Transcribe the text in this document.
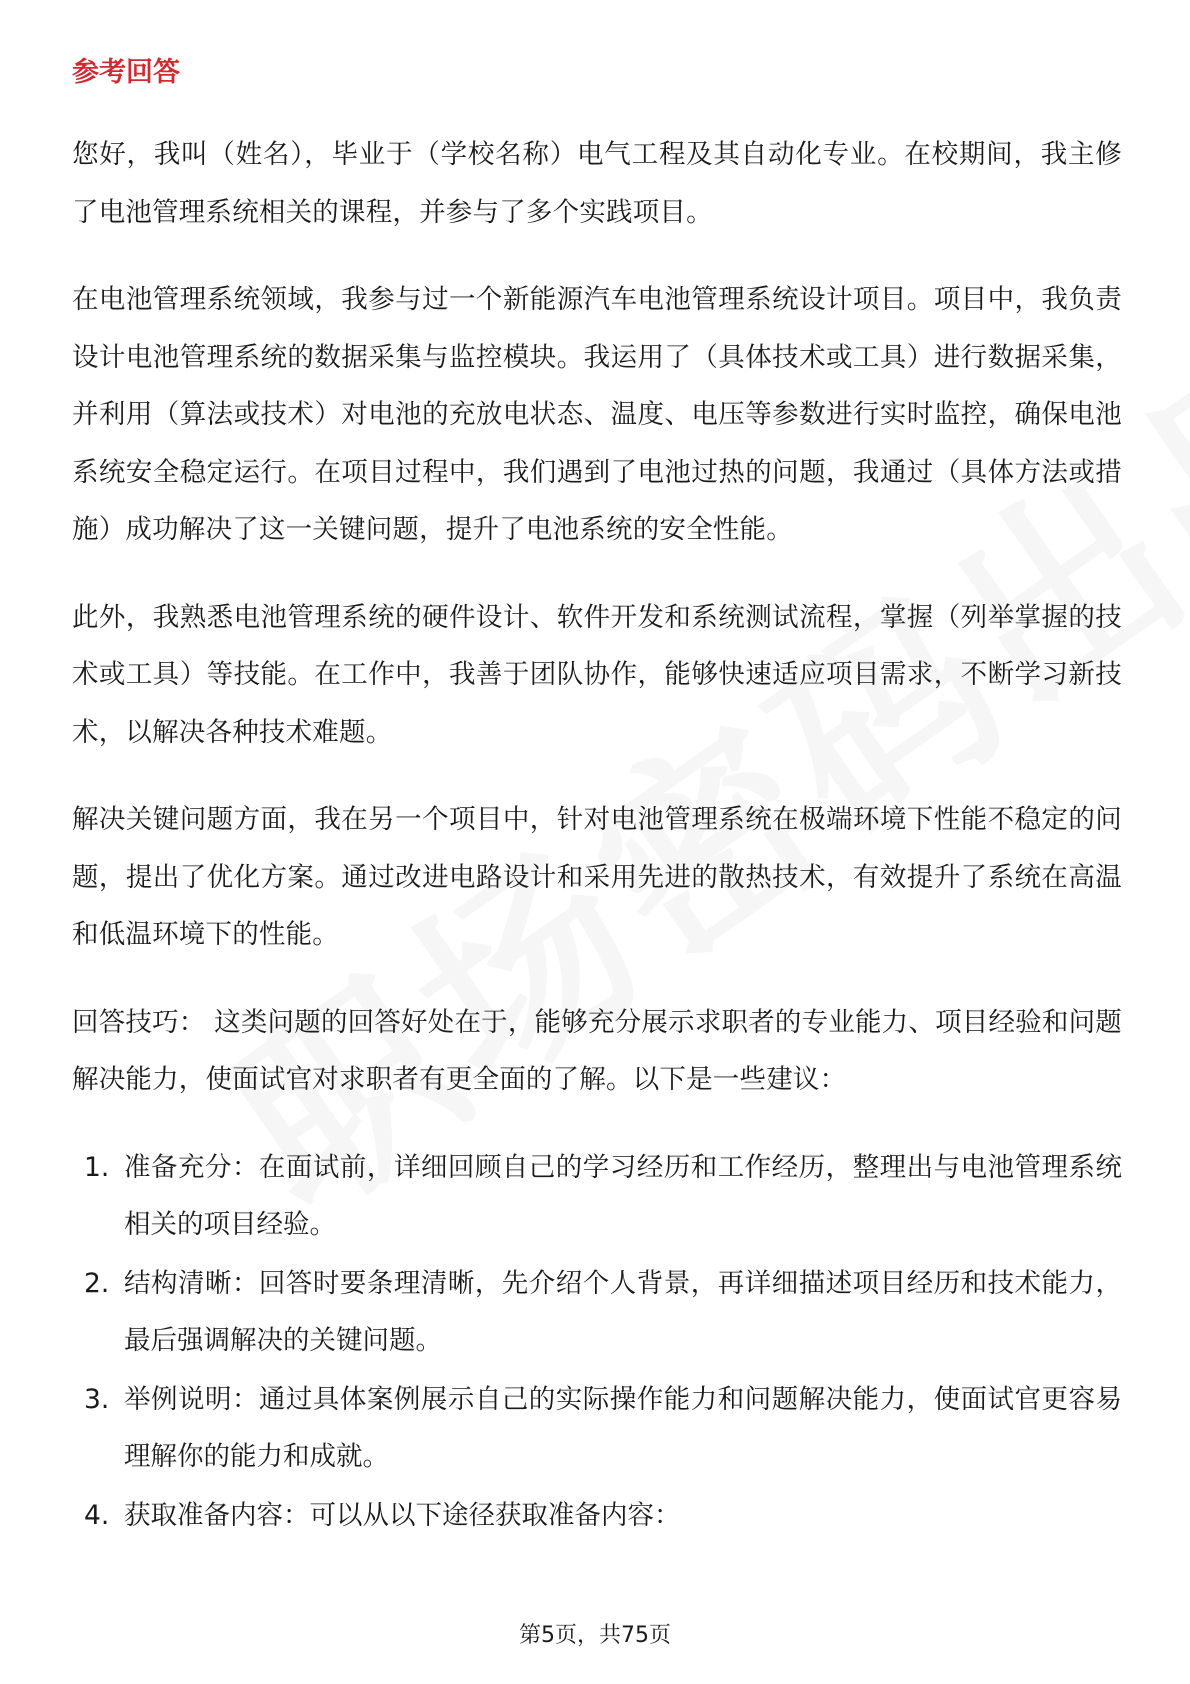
参考回答

您好，我叫（姓名），毕业于（学校名称）电气工程及其自动化专业。在校期间，我主修了电池管理系统相关的课程，并参与了多个实践项目。

在电池管理系统领域，我参与过一个新能源汽车电池管理系统设计项目。项目中，我负责设计电池管理系统的数据采集与监控模块。我运用了（具体技术或工具）进行数据采集，并利用（算法或技术）对电池的充放电状态、温度、电压等参数进行实时监控，确保电池系统安全稳定运行。在项目过程中，我们遇到了电池过热的问题，我通过（具体方法或措施）成功解决了这一关键问题，提升了电池系统的安全性能。

此外，我熟悉电池管理系统的硬件设计、软件开发和系统测试流程，掌握（列举掌握的技术或工具）等技能。在工作中，我善于团队协作，能够快速适应项目需求，不断学习新技术，以解决各种技术难题。

解决关键问题方面，我在另一个项目中，针对电池管理系统在极端环境下性能不稳定的问题，提出了优化方案。通过改进电路设计和采用先进的散热技术，有效提升了系统在高温和低温环境下的性能。

回答技巧： 这类问题的回答好处在于，能够充分展示求职者的专业能力、项目经验和问题解决能力，使面试官对求职者有更全面的了解。以下是一些建议：

1. 准备充分：在面试前，详细回顾自己的学习经历和工作经历，整理出与电池管理系统相关的项目经验。
2. 结构清晰：回答时要条理清晰，先介绍个人背景，再详细描述项目经历和技术能力，最后强调解决的关键问题。
3. 举例说明：通过具体案例展示自己的实际操作能力和问题解决能力，使面试官更容易理解你的能力和成就。
4. 获取准备内容：可以从以下途径获取准备内容：
第5页，共75页
